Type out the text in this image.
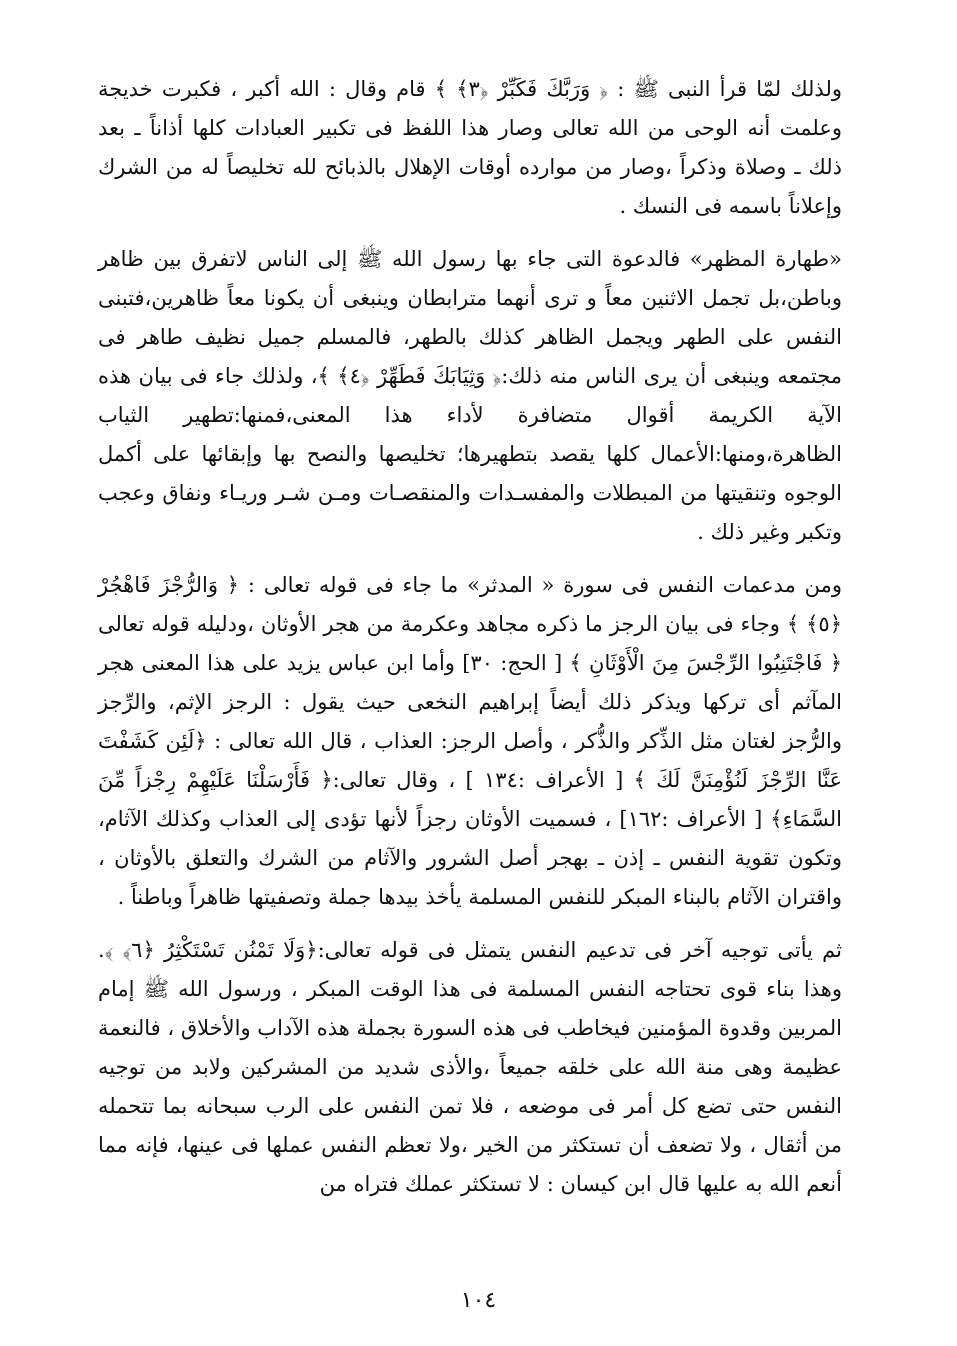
ولذلك لمّا قرأ النبى ﷺ : ﴿ وَرَبَّكَ فَكَبِّرْ ﴿٣﴾ ﴾ قام وقال : الله أكبر ، فكبرت خديجة وعلمت أنه الوحى من الله تعالى وصار هذا اللفظ فى تكبير العبادات كلها أذاناً ـ بعد ذلك ـ وصلاة وذكراً ،وصار من موارده أوقات الإهلال بالذبائح لله تخليصاً له من الشرك وإعلاناً باسمه فى النسك .

«طهارة المظهر» فالدعوة التى جاء بها رسول الله ﷺ إلى الناس لاتفرق بين ظاهر وباطن،بل تجمل الاثنين معاً و ترى أنهما مترابطان وينبغى أن يكونا معاً ظاهرين،فتبنى النفس على الطهر ويجمل الظاهر كذلك بالطهر، فالمسلم جميل نظيف طاهر فى مجتمعه وينبغى أن يرى الناس منه ذلك:﴿ وَثِيَابَكَ فَطَهِّرْ ﴿٤﴾ ﴾، ولذلك جاء فى بيان هذه الآية الكريمة أقوال متضافرة لأداء هذا المعنى،فمنها:تطهير الثياب الظاهرة،ومنها:الأعمال كلها يقصد بتطهيرها؛ تخليصها والنصح بها وإبقائها على أكمل الوجوه وتنقيتها من المبطلات والمفسـدات والمنقصـات ومـن شـر وريـاء ونفاق وعجب وتكبر وغير ذلك .

ومن مدعمات النفس فى سورة « المدثر» ما جاء فى قوله تعالى : ﴿ وَالرُّجْزَ فَاهْجُرْ ﴿٥﴾ ﴾ وجاء فى بيان الرجز ما ذكره مجاهد وعكرمة من هجر الأوثان ،ودليله قوله تعالى ﴿ فَاجْتَنِبُوا الرِّجْسَ مِنَ الْأَوْثَانِ ﴾ [ الحج: ٣٠] وأما ابن عباس يزيد على هذا المعنى هجر المآثم أى تركها ويذكر ذلك أيضاً إبراهيم النخعى حيث يقول : الرجز الإثم، والرِّجز والرُّجز لغتان مثل الذِّكر والذُّكر ، وأصل الرجز: العذاب ، قال الله تعالى : ﴿لَئِن كَشَفْتَ عَنَّا الرِّجْزَ لَنُؤْمِنَنَّ لَكَ ﴾ [ الأعراف :١٣٤ ] ، وقال تعالى:﴿ فَأَرْسَلْنَا عَلَيْهِمْ رِجْزاً مِّنَ السَّمَاءِ﴾ [ الأعراف :١٦٢] ، فسميت الأوثان رجزاً لأنها تؤدى إلى العذاب وكذلك الآثام، وتكون تقوية النفس ـ إذن ـ بهجر أصل الشرور والآثام من الشرك والتعلق بالأوثان ، واقتران الآثام بالبناء المبكر للنفس المسلمة يأخذ بيدها جملة وتصفيتها ظاهراً وباطناً .

ثم يأتى توجيه آخر فى تدعيم النفس يتمثل فى قوله تعالى:﴿وَلَا تَمْنُن تَسْتَكْثِرُ ﴿٦﴾ ﴾. وهذا بناء قوى تحتاجه النفس المسلمة فى هذا الوقت المبكر ، ورسول الله ﷺ إمام المربين وقدوة المؤمنين فيخاطب فى هذه السورة بجملة هذه الآداب والأخلاق ، فالنعمة عظيمة وهى منة الله على خلقه جميعاً ،والأذى شديد من المشركين ولابد من توجيه النفس حتى تضع كل أمر فى موضعه ، فلا تمن النفس على الرب سبحانه بما تتحمله من أثقال ، ولا تضعف أن تستكثر من الخير ،ولا تعظم النفس عملها فى عينها، فإنه مما أنعم الله به عليها قال ابن كيسان : لا تستكثر عملك فتراه من

١٠٤
